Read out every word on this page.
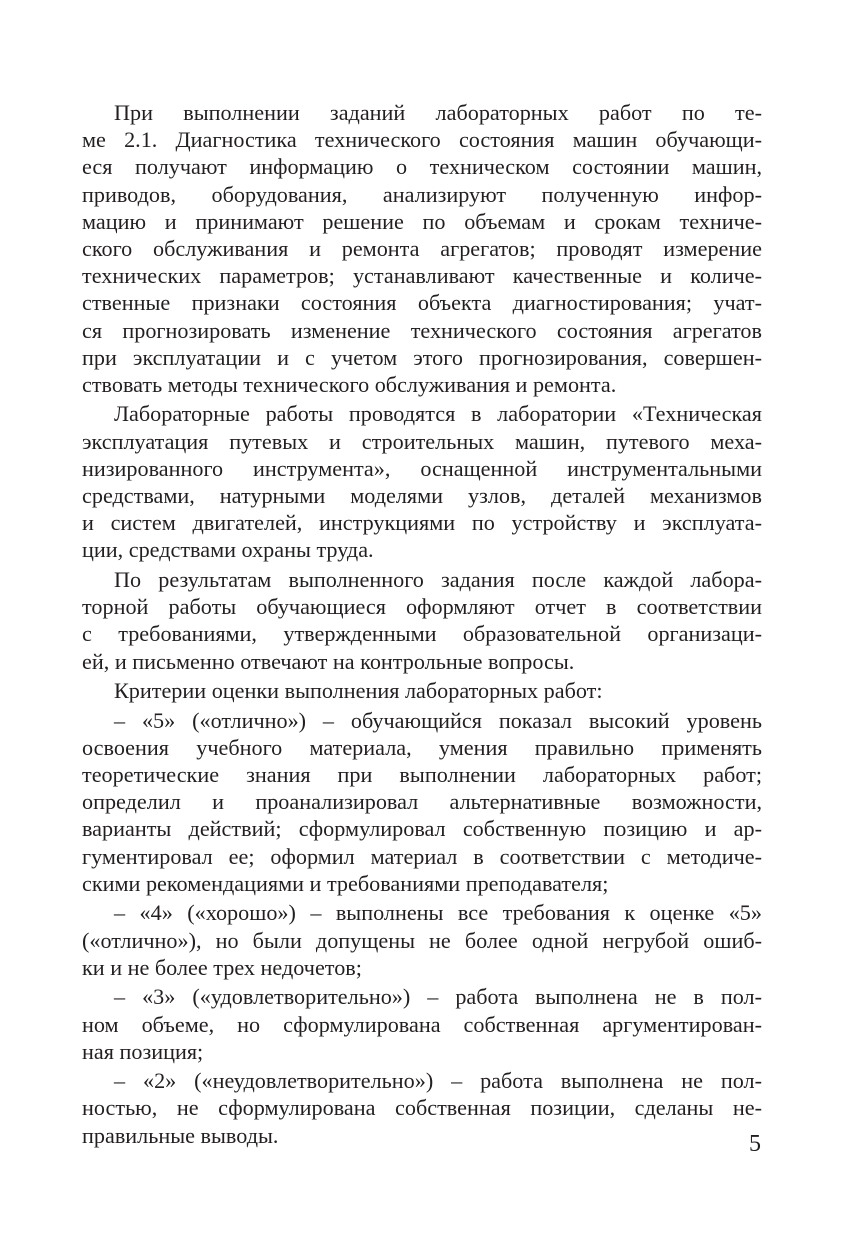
При выполнении заданий лабораторных работ по те-
ме 2.1. Диагностика технического состояния машин обучающи-
еся получают информацию о техническом состоянии машин,
приводов, оборудования, анализируют полученную инфор-
мацию и принимают решение по объемам и срокам техниче-
ского обслуживания и ремонта агрегатов; проводят измерение
технических параметров; устанавливают качественные и количе-
ственные признаки состояния объекта диагностирования; учат-
ся прогнозировать изменение технического состояния агрегатов
при эксплуатации и с учетом этого прогнозирования, совершен-
ствовать методы технического обслуживания и ремонта.
Лабораторные работы проводятся в лаборатории «Техническая
эксплуатация путевых и строительных машин, путевого меха-
низированного инструмента», оснащенной инструментальными
средствами, натурными моделями узлов, деталей механизмов
и систем двигателей, инструкциями по устройству и эксплуата-
ции, средствами охраны труда.
По результатам выполненного задания после каждой лабора-
торной работы обучающиеся оформляют отчет в соответствии
с требованиями, утвержденными образовательной организаци-
ей, и письменно отвечают на контрольные вопросы.
Критерии оценки выполнения лабораторных работ:
– «5» («отлично») – обучающийся показал высокий уровень
освоения учебного материала, умения правильно применять
теоретические знания при выполнении лабораторных работ;
определил и проанализировал альтернативные возможности,
варианты действий; сформулировал собственную позицию и ар-
гументировал ее; оформил материал в соответствии с методиче-
скими рекомендациями и требованиями преподавателя;
– «4» («хорошо») – выполнены все требования к оценке «5»
(«отлично»), но были допущены не более одной негрубой ошиб-
ки и не более трех недочетов;
– «3» («удовлетворительно») – работа выполнена не в пол-
ном объеме, но сформулирована собственная аргументирован-
ная позиция;
– «2» («неудовлетворительно») – работа выполнена не пол-
ностью, не сформулирована собственная позиции, сделаны не-
правильные выводы.	5
